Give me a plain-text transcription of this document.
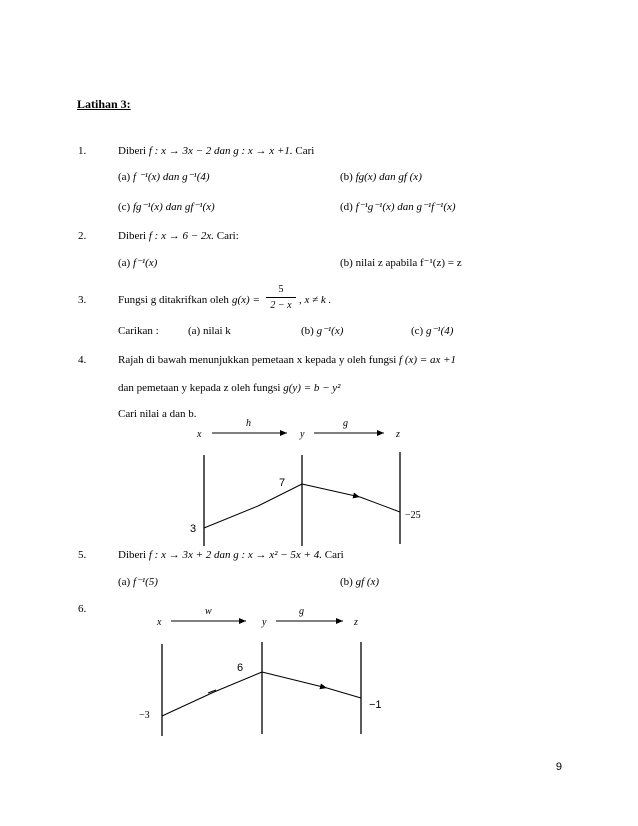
Latihan 3:
1.	Diberi f : x → 3x − 2 dan g : x → x +1. Cari
(a) f ⁻¹(x) dan g⁻¹(4)	(b) fg(x) dan gf (x)
(c) fg⁻¹(x) dan gf⁻¹(x)	(d) f⁻¹g⁻¹(x) dan g⁻¹f⁻¹(x)
2.	Diberi f : x → 6 − 2x. Cari:
(a) f⁻¹(x)	(b) nilai z apabila f⁻¹(z) = z
3.	Fungsi g ditakrifkan oleh g(x) =
5
2 − x , x ≠ k .
Carikan :	(a) nilai k	(b) g⁻¹(x)	(c) g⁻¹(4)
4.	Rajah di bawah menunjukkan pemetaan x kepada y oleh fungsi f (x) = ax +1
dan pemetaan y kepada z oleh fungsi g(y) = b − y²
Cari nilai a dan b.
x
h
y
g
z
3
7
−25
5.	Diberi f : x → 3x + 2 dan g : x → x² − 5x + 4. Cari
(a) f⁻¹(5)	(b) gf (x)
6.
x
w
y
g
z
−3
6
−1
9
